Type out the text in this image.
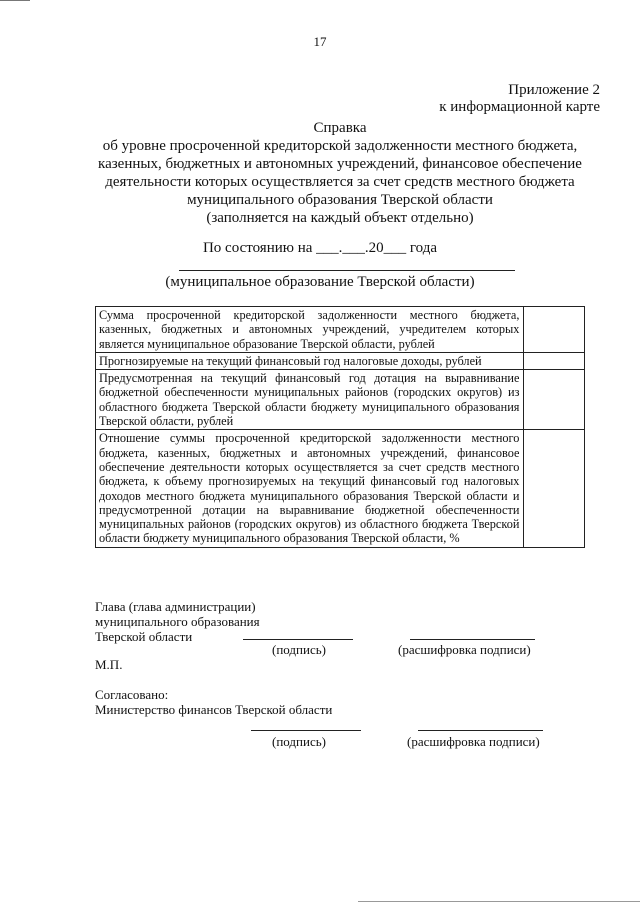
17
Приложение 2
к информационной карте
Справка
об уровне просроченной кредиторской задолженности местного бюджета,
казенных, бюджетных и автономных учреждений, финансовое обеспечение
деятельности которых осуществляется за счет средств местного бюджета
муниципального образования Тверской области
(заполняется на каждый объект отдельно)
По состоянию на ___.___.20___ года
(муниципальное образование Тверской области)
Сумма просроченной кредиторской задолженности местного бюджета, казенных, бюджетных и автономных учреждений, учредителем которых является муниципальное образование Тверской области, рублей	
Прогнозируемые на текущий финансовый год налоговые доходы, рублей	
Предусмотренная на текущий финансовый год дотация на выравнивание бюджетной обеспеченности муниципальных районов (городских округов) из областного бюджета Тверской области бюджету муниципального образования Тверской области, рублей	
Отношение суммы просроченной кредиторской задолженности местного бюджета, казенных, бюджетных и автономных учреждений, финансовое обеспечение деятельности которых осуществляется за счет средств местного бюджета, к объему прогнозируемых на текущий финансовый год налоговых доходов местного бюджета муниципального образования Тверской области и предусмотренной дотации на выравнивание бюджетной обеспеченности муниципальных районов (городских округов) из областного бюджета Тверской области бюджету муниципального образования Тверской области, %	
Глава (глава администрации)
муниципального образования
Тверской области
(подпись)	(расшифровка подписи)
М.П.
Согласовано:
Министерство финансов Тверской области
(подпись)	(расшифровка подписи)
